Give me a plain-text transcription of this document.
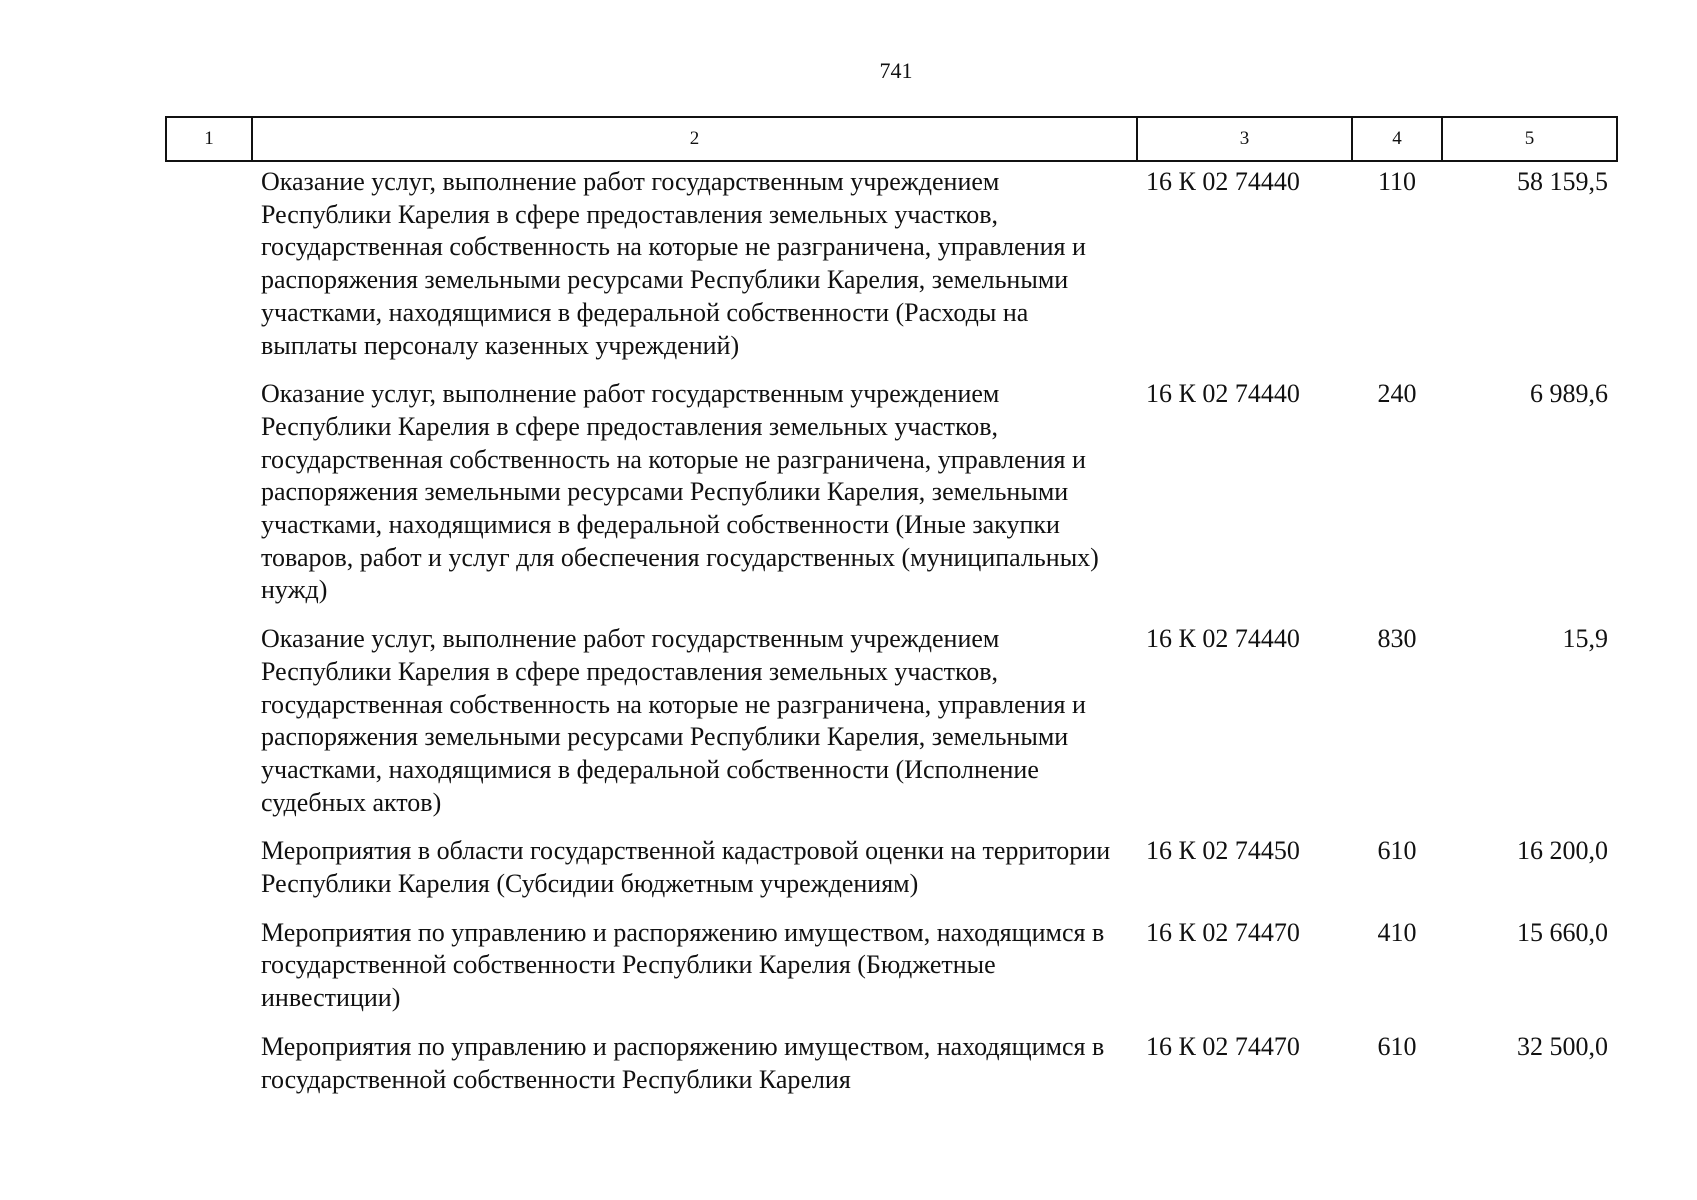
741
1	2	3	4	5
	Оказание услуг, выполнение работ государственным учреждением Республики Карелия в сфере предоставления земельных участков, государственная собственность на которые не разграничена, управления и распоряжения земельными ресурсами Республики Карелия, земельными участками, находящимися в федеральной собственности (Расходы на выплаты персоналу казенных учреждений)	16 К 02 74440	110	58 159,5
	Оказание услуг, выполнение работ государственным учреждением Республики Карелия в сфере предоставления земельных участков, государственная собственность на которые не разграничена, управления и распоряжения земельными ресурсами Республики Карелия, земельными участками, находящимися в федеральной собственности (Иные закупки товаров, работ и услуг для обеспечения государственных (муниципальных) нужд)	16 К 02 74440	240	6 989,6
	Оказание услуг, выполнение работ государственным учреждением Республики Карелия в сфере предоставления земельных участков, государственная собственность на которые не разграничена, управления и распоряжения земельными ресурсами Республики Карелия, земельными участками, находящимися в федеральной собственности (Исполнение судебных актов)	16 К 02 74440	830	15,9
	Мероприятия в области государственной кадастровой оценки на территории Республики Карелия (Субсидии бюджетным учреждениям)	16 К 02 74450	610	16 200,0
	Мероприятия по управлению и распоряжению имуществом, находящимся в государственной собственности Республики Карелия (Бюджетные инвестиции)	16 К 02 74470	410	15 660,0
	Мероприятия по управлению и распоряжению имуществом, находящимся в государственной собственности Республики Карелия	16 К 02 74470	610	32 500,0
